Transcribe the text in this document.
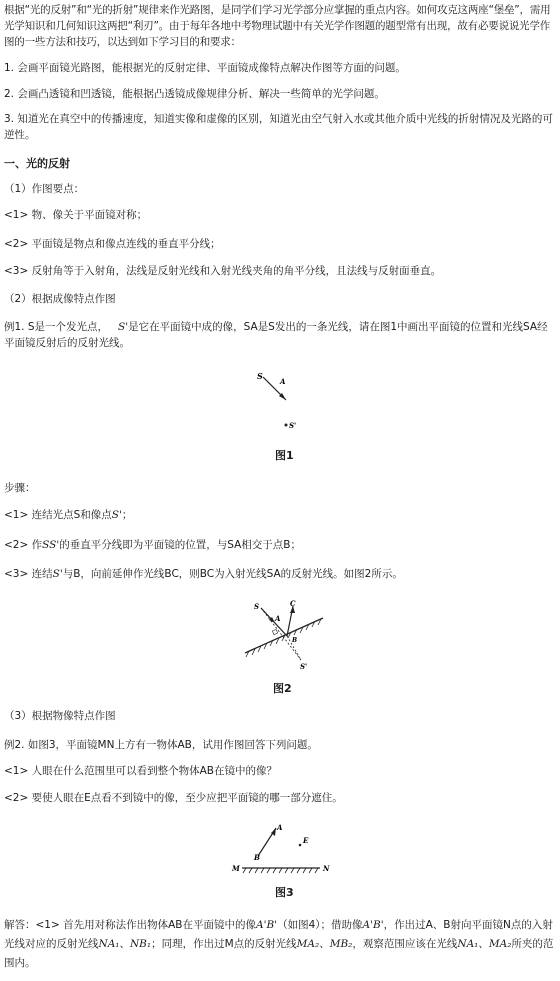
根据“光的反射”和“光的折射”规律来作光路图，是同学们学习光学部分应掌握的重点内容。如何攻克这两座“堡垒”，需用光学知识和几何知识这两把“利刃”。由于每年各地中考物理试题中有关光学作图题的题型常有出现，故有必要说说光学作图的一些方法和技巧，以达到如下学习目的和要求：
1. 会画平面镜光路图，能根据光的反射定律、平面镜成像特点解决作图等方面的问题。
2. 会画凸透镜和凹透镜，能根据凸透镜成像规律分析、解决一些简单的光学问题。
3. 知道光在真空中的传播速度，知道实像和虚像的区别，知道光由空气射入水或其他介质中光线的折射情况及光路的可逆性。
一、光的反射
（1）作图要点：
<1> 物、像关于平面镜对称；
<2> 平面镜是物点和像点连线的垂直平分线；
<3> 反射角等于入射角，法线是反射光线和入射光线夹角的角平分线，且法线与反射面垂直。
（2）根据成像特点作图
例1. S是一个发光点， S'是它在平面镜中成的像，SA是S发出的一条光线，请在图1中画出平面镜的位置和光线SA经平面镜反射后的反射光线。
S
A
S'
图1
步骤：
<1> 连结光点S和像点S'；
<2> 作SS'的垂直平分线即为平面镜的位置，与SA相交于点B；
<3> 连结S'与B，向前延伸作光线BC，则BC为入射光线SA的反射光线。如图2所示。
S
A
C
B
S'
图2
（3）根据物像特点作图
例2. 如图3，平面镜MN上方有一物体AB，试用作图回答下列问题。
<1> 人眼在什么范围里可以看到整个物体AB在镜中的像？
<2> 要使人眼在E点看不到镜中的像，至少应把平面镜的哪一部分遮住。
A
B
E
M	N
图3
解答：<1> 首先用对称法作出物体AB在平面镜中的像A'B'（如图4）；借助像A'B'，作出过A、B射向平面镜N点的入射光线对应的反射光线NA₁、NB₁；同理，作出过M点的反射光线MA₂、MB₂，观察范围应该在光线NA₁、MA₂所夹的范围内。
